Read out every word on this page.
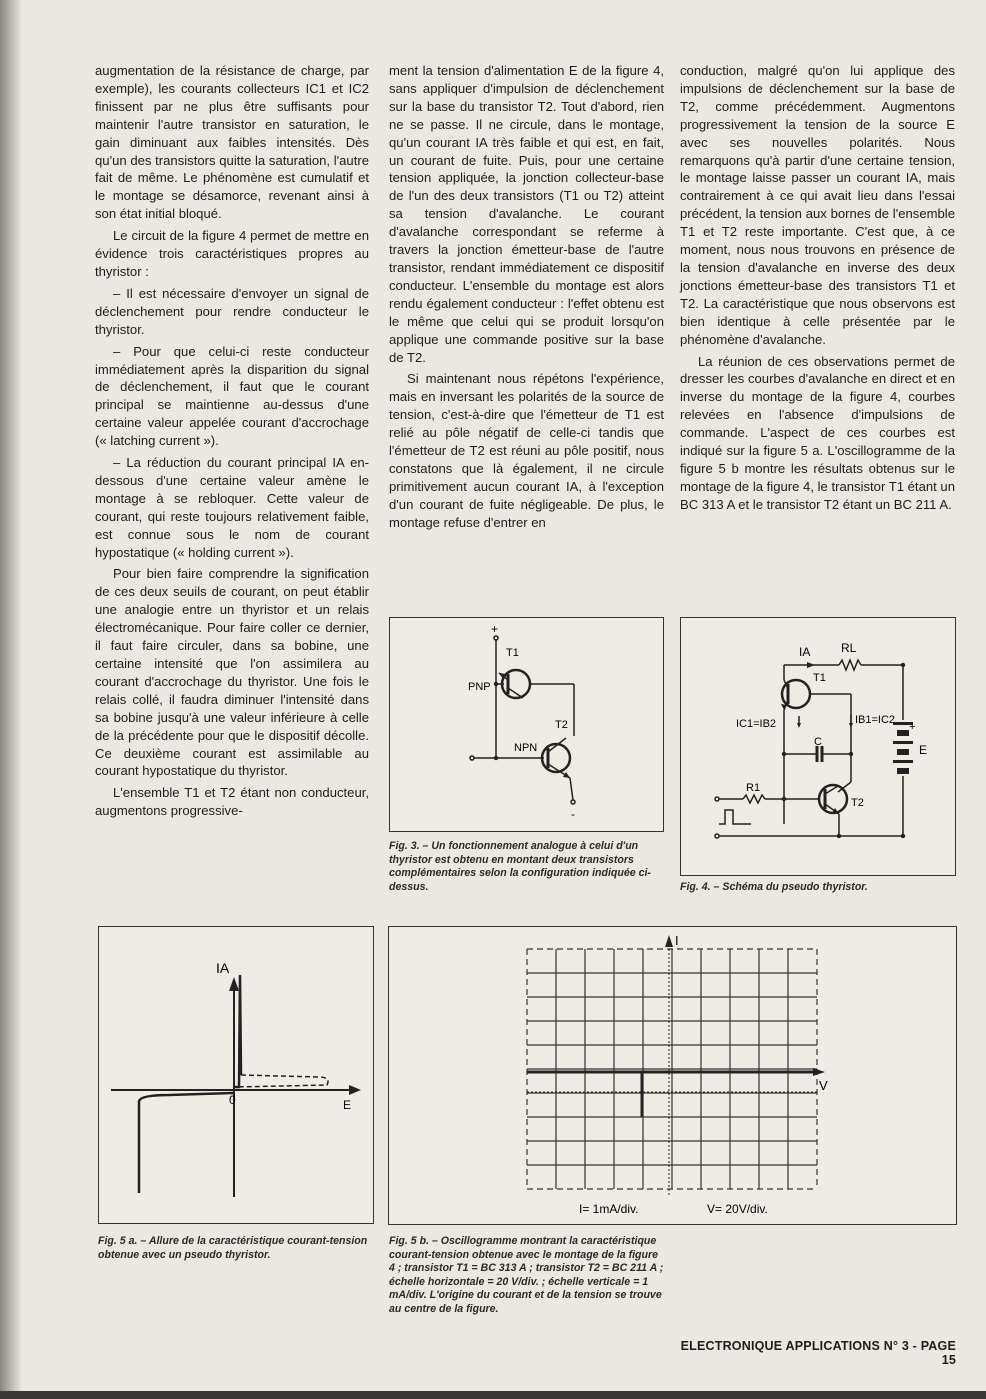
augmentation de la résistance de charge, par exemple), les courants collecteurs IC1 et IC2 finissent par ne plus être suffisants pour maintenir l'autre transistor en saturation, le gain diminuant aux faibles intensités. Dès qu'un des transistors quitte la saturation, l'autre fait de même. Le phénomène est cumulatif et le montage se désamorce, revenant ainsi à son état initial bloqué.

Le circuit de la figure 4 permet de mettre en évidence trois caractéristiques propres au thyristor :

– Il est nécessaire d'envoyer un signal de déclenchement pour rendre conducteur le thyristor.

– Pour que celui-ci reste conducteur immédiatement après la disparition du signal de déclenchement, il faut que le courant principal se maintienne au-dessus d'une certaine valeur appelée courant d'accrochage (« latching current »).

– La réduction du courant principal IA en-dessous d'une certaine valeur amène le montage à se rebloquer. Cette valeur de courant, qui reste toujours relativement faible, est connue sous le nom de courant hypostatique (« holding current »).

Pour bien faire comprendre la signification de ces deux seuils de courant, on peut établir une analogie entre un thyristor et un relais électromécanique. Pour faire coller ce dernier, il faut faire circuler, dans sa bobine, une certaine intensité que l'on assimilera au courant d'accrochage du thyristor. Une fois le relais collé, il faudra diminuer l'intensité dans sa bobine jusqu'à une valeur inférieure à celle de la précédente pour que le dispositif décolle. Ce deuxième courant est assimilable au courant hypostatique du thyristor.

L'ensemble T1 et T2 étant non conducteur, augmentons progressive-

ment la tension d'alimentation E de la figure 4, sans appliquer d'impulsion de déclenchement sur la base du transistor T2. Tout d'abord, rien ne se passe. Il ne circule, dans le montage, qu'un courant IA très faible et qui est, en fait, un courant de fuite. Puis, pour une certaine tension appliquée, la jonction collecteur-base de l'un des deux transistors (T1 ou T2) atteint sa tension d'avalanche. Le courant d'avalanche correspondant se referme à travers la jonction émetteur-base de l'autre transistor, rendant immédiatement ce dispositif conducteur. L'ensemble du montage est alors rendu également conducteur : l'effet obtenu est le même que celui qui se produit lorsqu'on applique une commande positive sur la base de T2.

Si maintenant nous répétons l'expérience, mais en inversant les polarités de la source de tension, c'est-à-dire que l'émetteur de T1 est relié au pôle négatif de celle-ci tandis que l'émetteur de T2 est réuni au pôle positif, nous constatons que là également, il ne circule primitivement aucun courant IA, à l'exception d'un courant de fuite négligeable. De plus, le montage refuse d'entrer en

conduction, malgré qu'on lui applique des impulsions de déclenchement sur la base de T2, comme précédemment. Augmentons progressivement la tension de la source E avec ses nouvelles polarités. Nous remarquons qu'à partir d'une certaine tension, le montage laisse passer un courant IA, mais contrairement à ce qui avait lieu dans l'essai précédent, la tension aux bornes de l'ensemble T1 et T2 reste importante. C'est que, à ce moment, nous nous trouvons en présence de la tension d'avalanche en inverse des deux jonctions émetteur-base des transistors T1 et T2. La caractéristique que nous observons est bien identique à celle présentée par le phénomène d'avalanche.

La réunion de ces observations permet de dresser les courbes d'avalanche en direct et en inverse du montage de la figure 4, courbes relevées en l'absence d'impulsions de commande. L'aspect de ces courbes est indiqué sur la figure 5 a. L'oscillogramme de la figure 5 b montre les résultats obtenus sur le montage de la figure 4, le transistor T1 étant un BC 313 A et le transistor T2 étant un BC 211 A.

+
T1
PNP
T2
NPN
-
Fig. 3. – Un fonctionnement analogue à celui d'un thyristor est obtenu en montant deux transistors complémentaires selon la configuration indiquée ci-dessus.
IA	RL
T1
IC1=IB2	IB1=IC2
+
C
E
R1
T2
Fig. 4. – Schéma du pseudo thyristor.
IA
0	E
Fig. 5 a. – Allure de la caractéristique courant-tension obtenue avec un pseudo thyristor.
I
V
I= 1mA/div.	V= 20V/div.
Fig. 5 b. – Oscillogramme montrant la caractéristique courant-tension obtenue avec le montage de la figure 4 ; transistor T1 = BC 313 A ; transistor T2 = BC 211 A ; échelle horizontale = 20 V/div. ; échelle verticale = 1 mA/div. L'origine du courant et de la tension se trouve au centre de la figure.
ELECTRONIQUE APPLICATIONS N° 3 - PAGE 15
